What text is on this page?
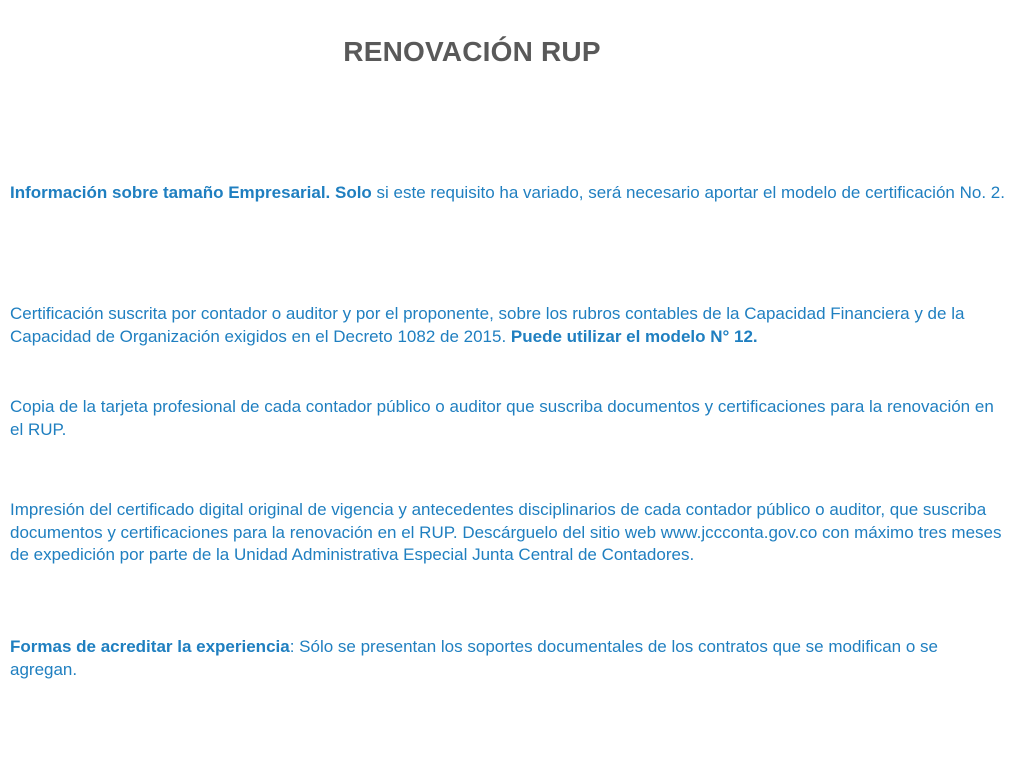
RENOVACIÓN RUP

Información sobre tamaño Empresarial. Solo si este requisito ha variado, será necesario aportar el modelo de certificación No. 2.

Certificación suscrita por contador o auditor y por el proponente, sobre los rubros contables de la Capacidad Financiera y de la Capacidad de Organización exigidos en el Decreto 1082 de 2015. Puede utilizar el modelo N° 12.

Copia de la tarjeta profesional de cada contador público o auditor que suscriba documentos y certificaciones para la renovación en el RUP.

Impresión del certificado digital original de vigencia y antecedentes disciplinarios de cada contador público o auditor, que suscriba documentos y certificaciones para la renovación en el RUP. Descárguelo del sitio web www.jccconta.gov.co con máximo tres meses de expedición por parte de la Unidad Administrativa Especial Junta Central de Contadores.

Formas de acreditar la experiencia: Sólo se presentan los soportes documentales de los contratos que se modifican o se agregan.
